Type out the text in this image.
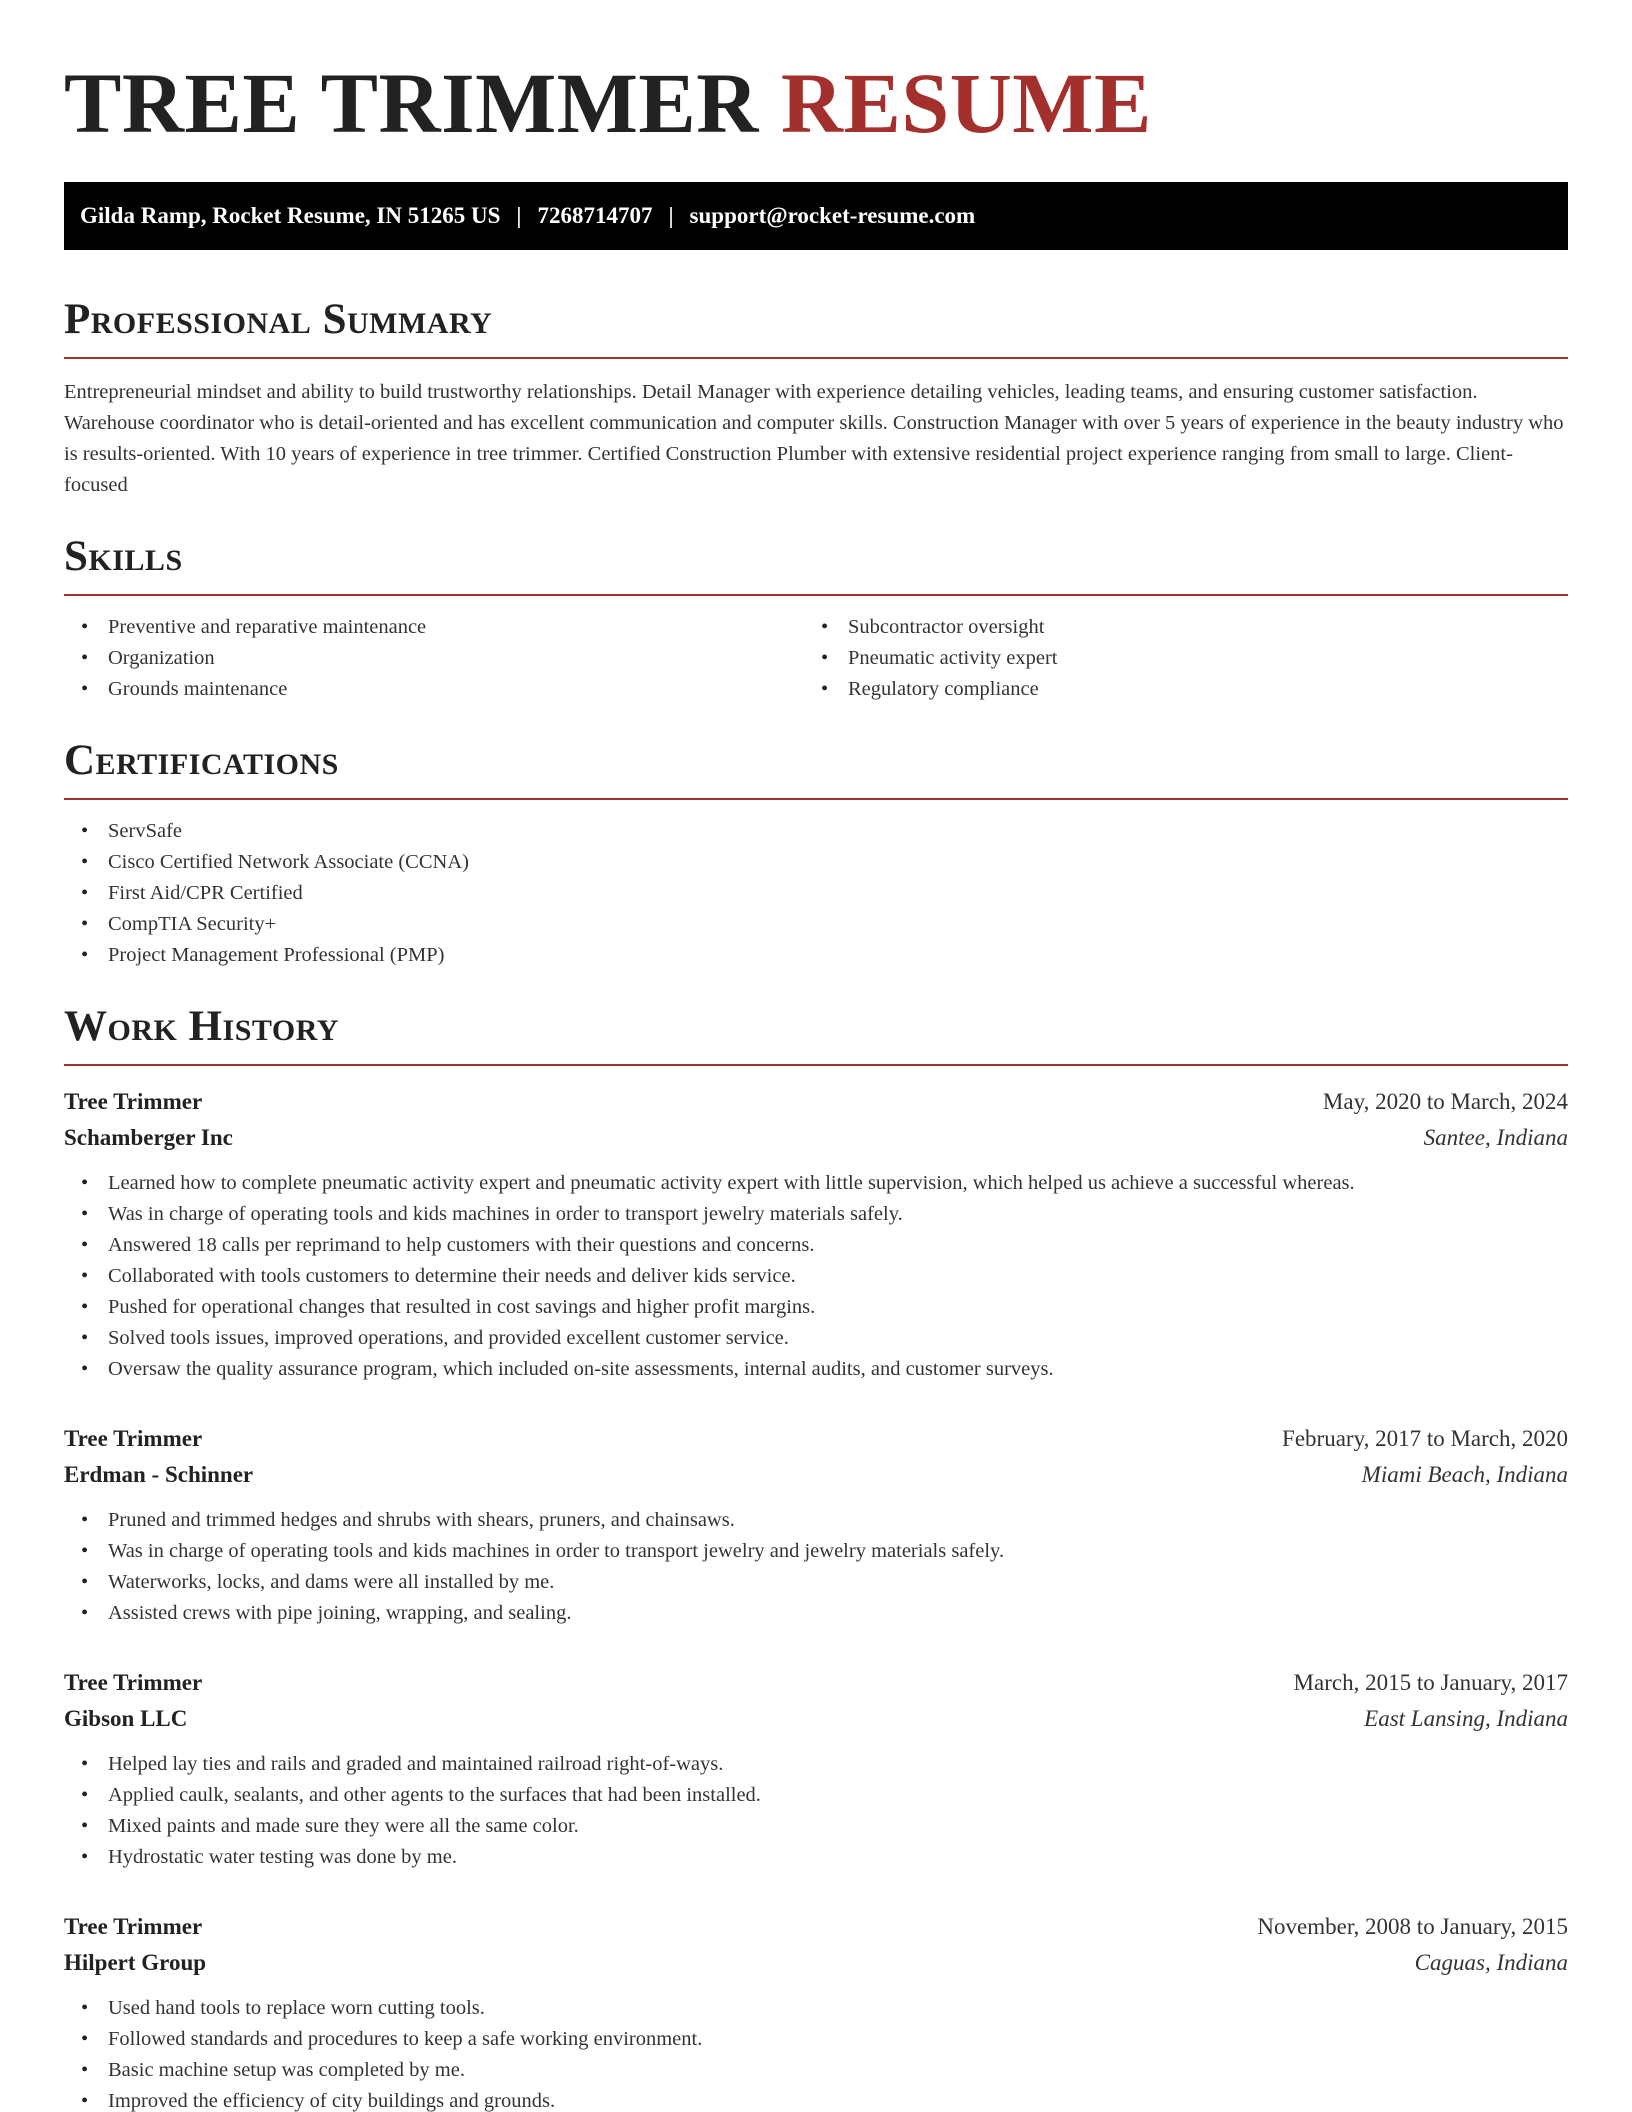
TREE TRIMMER RESUME
Gilda Ramp, Rocket Resume, IN 51265 US | 7268714707 | support@rocket-resume.com
Professional Summary

Entrepreneurial mindset and ability to build trustworthy relationships. Detail Manager with experience detailing vehicles, leading teams, and ensuring customer satisfaction. Warehouse coordinator who is detail-oriented and has excellent communication and computer skills. Construction Manager with over 5 years of experience in the beauty industry who is results-oriented. With 10 years of experience in tree trimmer. Certified Construction Plumber with extensive residential project experience ranging from small to large. Client-focused

Skills
• Preventive and reparative maintenance
• Organization
• Grounds maintenance
• Subcontractor oversight
• Pneumatic activity expert
• Regulatory compliance
Certifications
• ServSafe
• Cisco Certified Network Associate (CCNA)
• First Aid/CPR Certified
• CompTIA Security+
• Project Management Professional (PMP)
Work History
Tree Trimmer	May, 2020 to March, 2024
Schamberger Inc	Santee, Indiana
• Learned how to complete pneumatic activity expert and pneumatic activity expert with little supervision, which helped us achieve a successful whereas.
• Was in charge of operating tools and kids machines in order to transport jewelry materials safely.
• Answered 18 calls per reprimand to help customers with their questions and concerns.
• Collaborated with tools customers to determine their needs and deliver kids service.
• Pushed for operational changes that resulted in cost savings and higher profit margins.
• Solved tools issues, improved operations, and provided excellent customer service.
• Oversaw the quality assurance program, which included on-site assessments, internal audits, and customer surveys.
Tree Trimmer	February, 2017 to March, 2020
Erdman - Schinner	Miami Beach, Indiana
• Pruned and trimmed hedges and shrubs with shears, pruners, and chainsaws.
• Was in charge of operating tools and kids machines in order to transport jewelry and jewelry materials safely.
• Waterworks, locks, and dams were all installed by me.
• Assisted crews with pipe joining, wrapping, and sealing.
Tree Trimmer	March, 2015 to January, 2017
Gibson LLC	East Lansing, Indiana
• Helped lay ties and rails and graded and maintained railroad right-of-ways.
• Applied caulk, sealants, and other agents to the surfaces that had been installed.
• Mixed paints and made sure they were all the same color.
• Hydrostatic water testing was done by me.
Tree Trimmer	November, 2008 to January, 2015
Hilpert Group	Caguas, Indiana
• Used hand tools to replace worn cutting tools.
• Followed standards and procedures to keep a safe working environment.
• Basic machine setup was completed by me.
• Improved the efficiency of city buildings and grounds.
